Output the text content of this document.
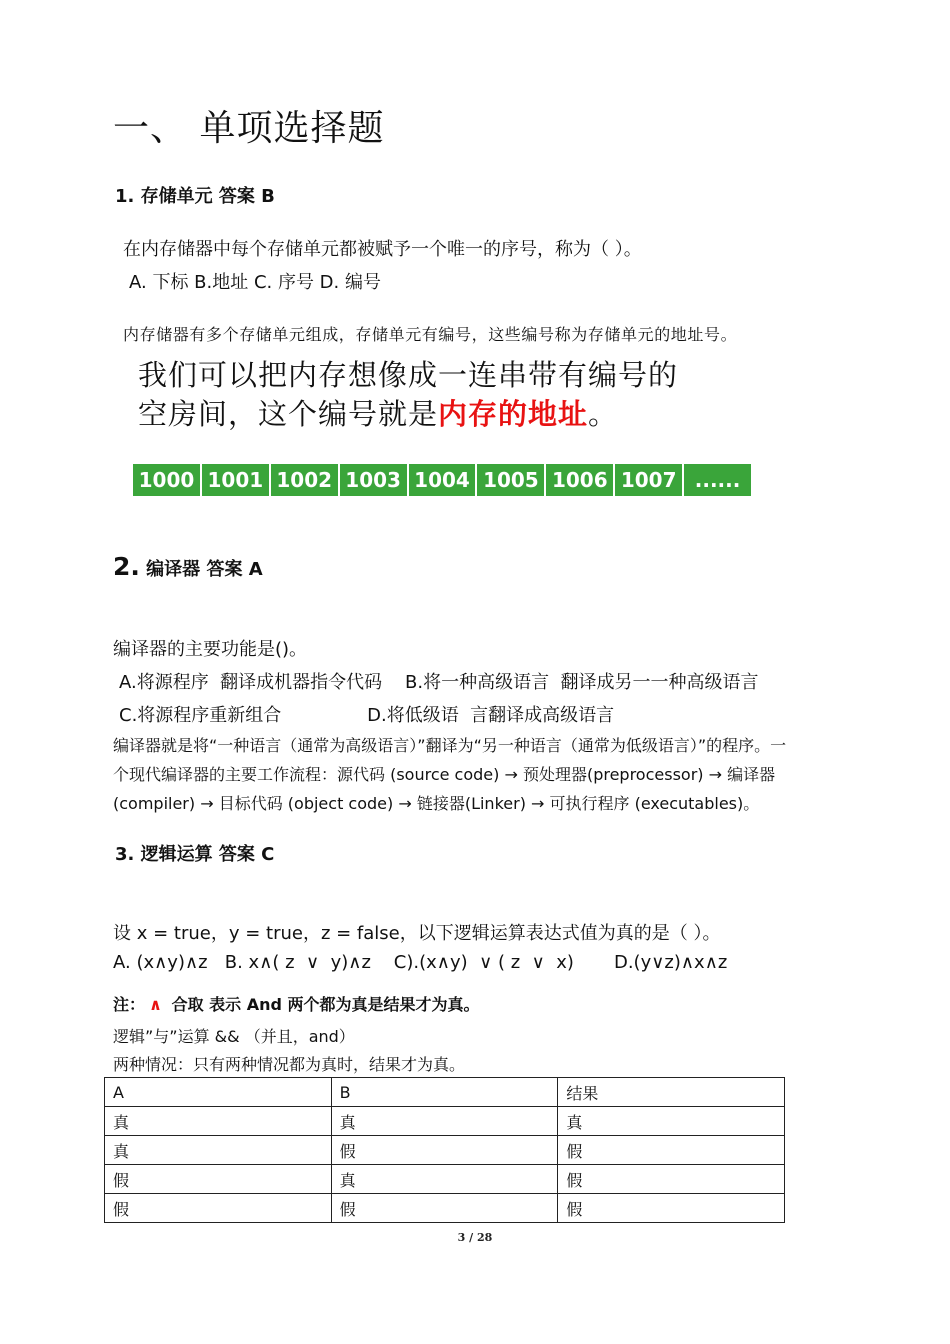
一、 单项选择题
1. 存储单元 答案 B
在内存储器中每个存储单元都被赋予一个唯一的序号，称为（ ）。
A. 下标 B.地址 C. 序号 D. 编号
内存储器有多个存储单元组成，存储单元有编号，这些编号称为存储单元的地址号。
我们可以把内存想像成一连串带有编号的
空房间，这个编号就是内存的地址。
1000 1001 1002 1003 1004 1005 1006 1007 ......
2. 编译器 答案 A
编译器的主要功能是()。
A.将源程序  翻译成机器指令代码    B.将一种高级语言  翻译成另一一种高级语言
C.将源程序重新组合               D.将低级语  言翻译成高级语言
编译器就是将“一种语言（通常为高级语言）”翻译为“另一种语言（通常为低级语言）”的程序。一
个现代编译器的主要工作流程：源代码 (source code) → 预处理器(preprocessor) → 编译器
(compiler) → 目标代码 (object code) → 链接器(Linker) → 可执行程序 (executables)。
3. 逻辑运算 答案 C
设 x = true，y = true，z = false，以下逻辑运算表达式值为真的是（ ）。
A. (x∧y)∧z   B. x∧( z  ∨  y)∧z    C).(x∧y)  ∨ ( z  ∨  x)       D.(y∨z)∧x∧z
注： ∧ 合取 表示 And 两个都为真是结果才为真。
逻辑”与”运算 && （并且，and）
两种情况：只有两种情况都为真时，结果才为真。
A	B	结果
真	真	真
真	假	假
假	真	假
假	假	假
3 / 28
